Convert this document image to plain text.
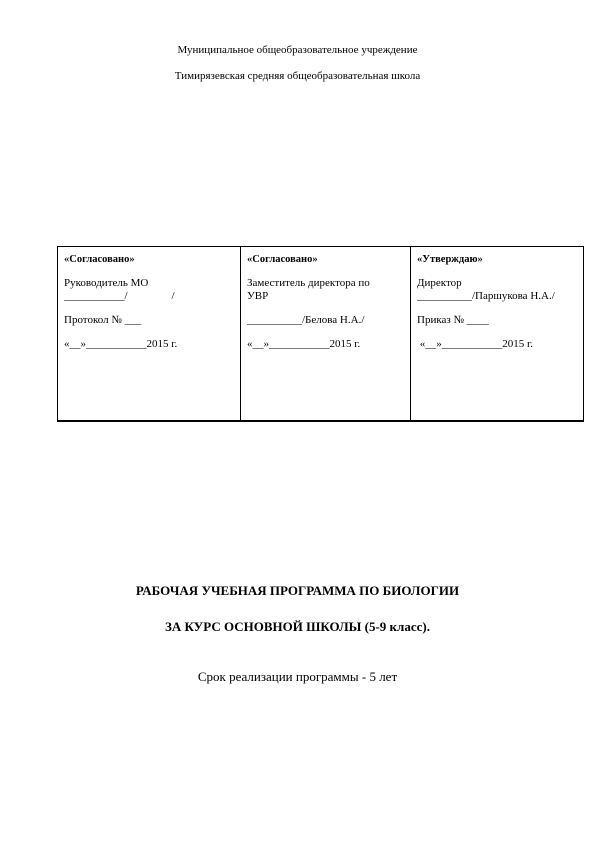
Муниципальное общеобразовательное учреждение
Тимирязевская средняя общеобразовательная школа
«Согласовано»
Руководитель МО
___________/                /
Протокол № ___
«__»___________2015 г.
«Согласовано»
Заместитель директора по
УВР
__________/Белова Н.А./
«__»___________2015 г.
«Утверждаю»
Директор
__________/Паршукова Н.А./
Приказ № ____
«__»___________2015 г.
РАБОЧАЯ УЧЕБНАЯ ПРОГРАММА ПО БИОЛОГИИ
ЗА КУРС ОСНОВНОЙ ШКОЛЫ (5-9 класс).
Срок реализации программы - 5 лет
